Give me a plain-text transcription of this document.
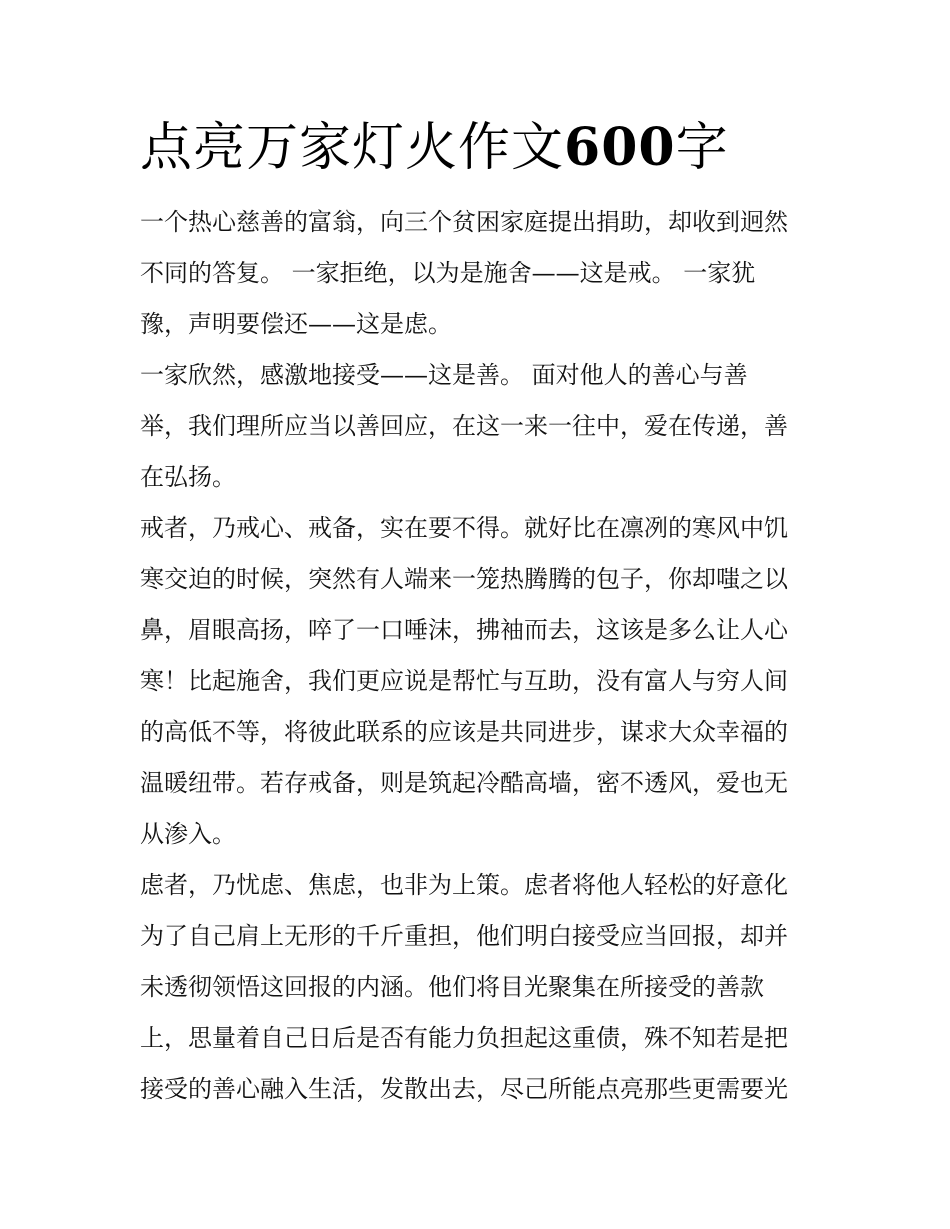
点亮万家灯火作文600字
一个热心慈善的富翁，向三个贫困家庭提出捐助，却收到迥然
不同的答复。 一家拒绝，以为是施舍——这是戒。 一家犹
豫，声明要偿还——这是虑。
一家欣然，感激地接受——这是善。 面对他人的善心与善
举，我们理所应当以善回应，在这一来一往中，爱在传递，善
在弘扬。
戒者，乃戒心、戒备，实在要不得。就好比在凛冽的寒风中饥
寒交迫的时候，突然有人端来一笼热腾腾的包子，你却嗤之以
鼻，眉眼高扬，啐了一口唾沫，拂袖而去，这该是多么让人心
寒！比起施舍，我们更应说是帮忙与互助，没有富人与穷人间
的高低不等，将彼此联系的应该是共同进步，谋求大众幸福的
温暖纽带。若存戒备，则是筑起冷酷高墙，密不透风，爱也无
从渗入。
虑者，乃忧虑、焦虑，也非为上策。虑者将他人轻松的好意化
为了自己肩上无形的千斤重担，他们明白接受应当回报，却并
未透彻领悟这回报的内涵。他们将目光聚集在所接受的善款
上，思量着自己日后是否有能力负担起这重债，殊不知若是把
接受的善心融入生活，发散出去，尽己所能点亮那些更需要光
